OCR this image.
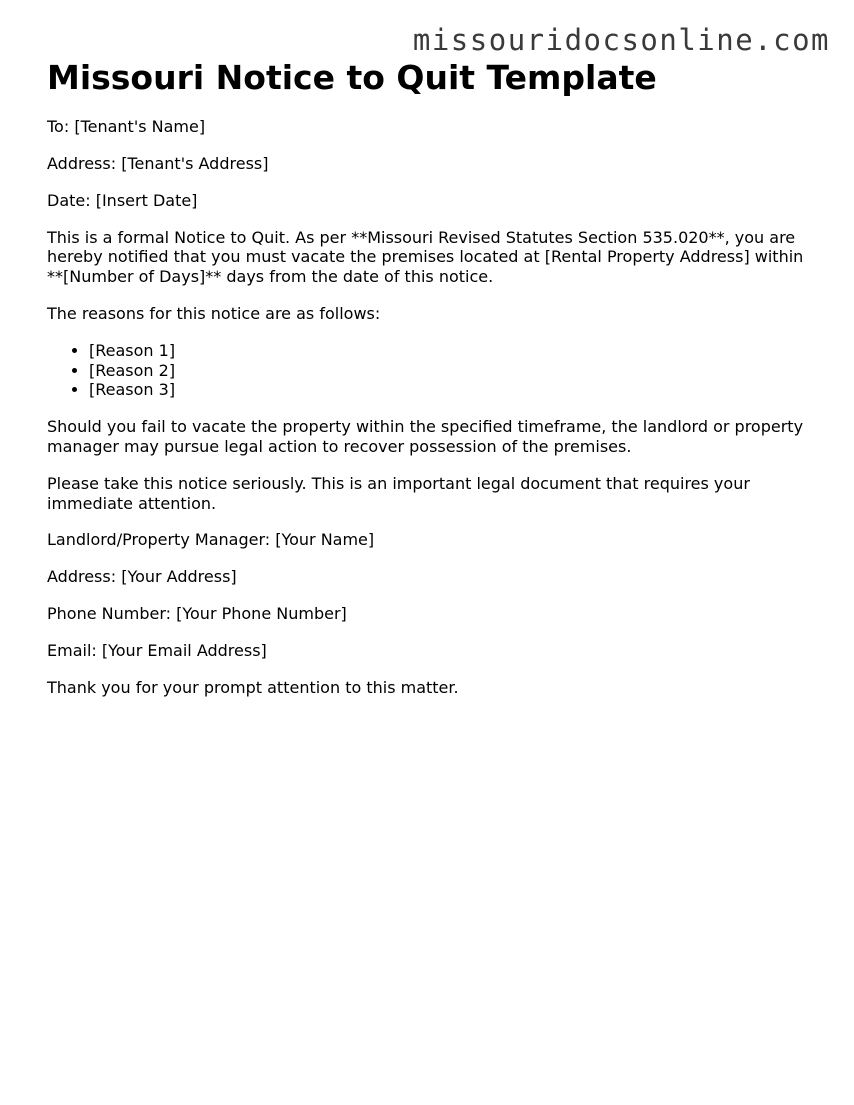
missouridocsonline.com
Missouri Notice to Quit Template

To: [Tenant's Name]

Address: [Tenant's Address]

Date: [Insert Date]

This is a formal Notice to Quit. As per **Missouri Revised Statutes Section 535.020**, you are hereby notified that you must vacate the premises located at [Rental Property Address] within **[Number of Days]** days from the date of this notice.

The reasons for this notice are as follows:

• [Reason 1]
• [Reason 2]
• [Reason 3]

Should you fail to vacate the property within the specified timeframe, the landlord or property manager may pursue legal action to recover possession of the premises.

Please take this notice seriously. This is an important legal document that requires your immediate attention.

Landlord/Property Manager: [Your Name]

Address: [Your Address]

Phone Number: [Your Phone Number]

Email: [Your Email Address]

Thank you for your prompt attention to this matter.
